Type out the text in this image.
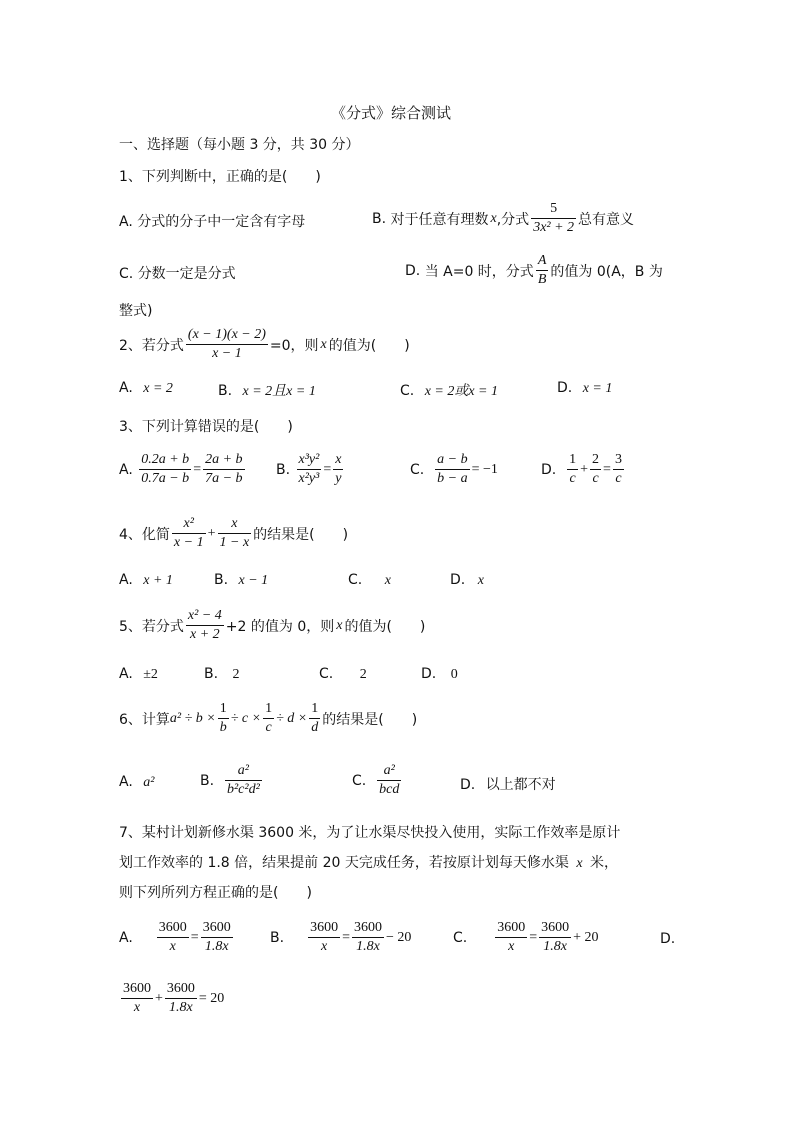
《分式》综合测试
一、选择题（每小题 3 分，共 30 分）
1、下列判断中，正确的是(　　)
A. 分式的分子中一定含有字母	B.
对于任意有理数 x ,分式 $\frac{5}{\text{3x² + 2}}$ 总有意义
C. 分数一定是分式	D.
当 A=0 时，分式 $\frac{A}{B}$ 的值为 0(A，B 为
整式)
2、若分式 $\frac{(x - 1)(x - 2)}{x - 1} =0$，则 x 的值为(　　)
A. x = 2	B. x = 2且x = 1	C. x = 2或x = 1	D. x = 1
3、下列计算错误的是(　　)
A.
$\frac{0.2a + b}{0.7a - b} = \frac{2a + b}{7a - b} B$.
$\frac{\text{x³y²}}{\text{x²y³}} = \frac{x}{y}$	C.
$\frac{a - b}{b - a} = -1$	D.
$\frac{1}{c} + \frac{2}{c} = \frac{3}{c}$
4、化简 $\frac{\text{x²}}{x - 1} + \frac{x}{1 - x}$ 的结果是(　　)
A. x + 1	B. x − 1	C. x	D. x
5、若分式 $\frac{\text{x² − 4}}{x + 2} +2$ 的值为 0，则 x 的值为(　　)
A. ±2	B. 2	C. 2	D. 0
6、计算 $a^2 \div b \times \frac{1}{b} \div c \times \frac{1}{c} \div d \times \frac{1}{d}$ 的结果是(　　)
A. a²	B.
$\frac{\text{a²}}{\text{b²c²d²}}$	C.
$\frac{\text{a²}}{\text{bcd}}$	D. 以上都不对
7、某村计划新修水渠 3600 米，为了让水渠尽快投入使用，实际工作效率是原计
划工作效率的 1.8 倍，结果提前 20 天完成任务，若按原计划每天修水渠 x 米，
则下列所列方程正确的是(　　)
A. $\frac{3600}{x} = \frac{3600}{1.8x}$	B. $\frac{3600}{x} = \frac{3600}{1.8x} - 20$	C. $\frac{3600}{x} = \frac{3600}{1.8x} + 20$	D.
$\frac{3600}{x} + \frac{3600}{1.8x} = 20$
